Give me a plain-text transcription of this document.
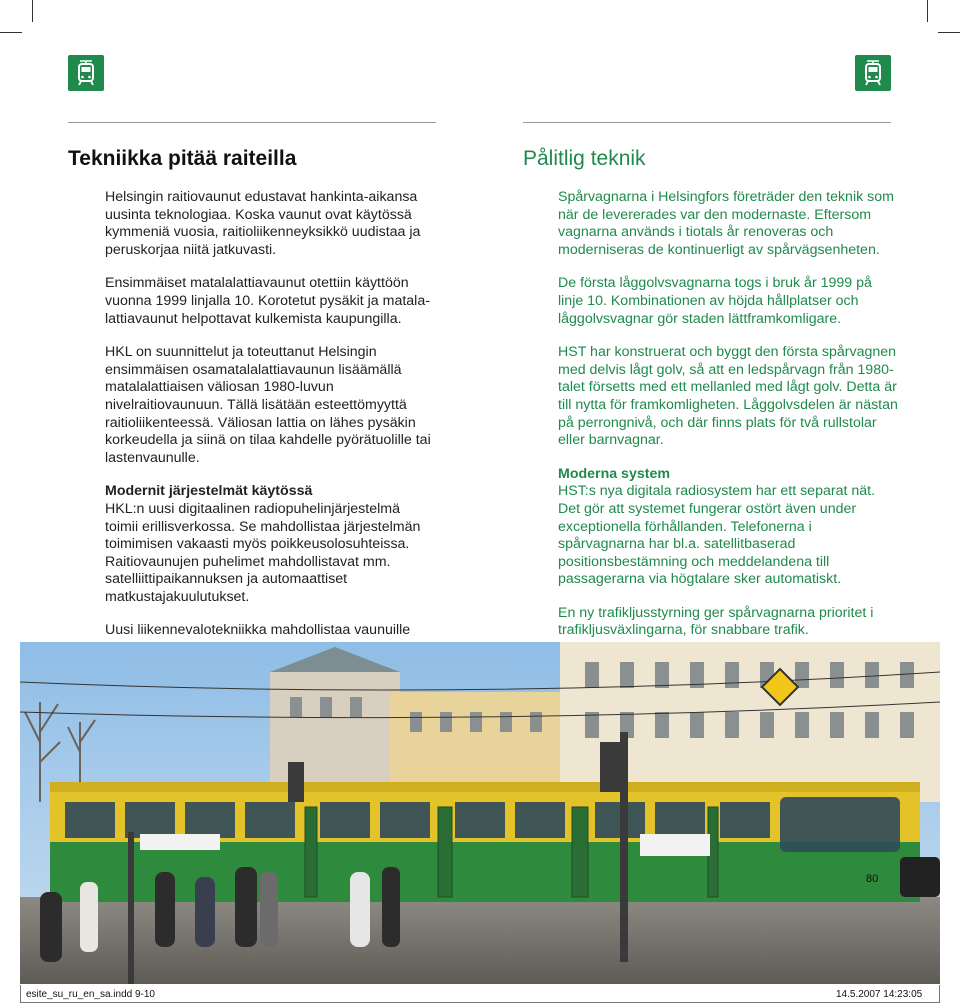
Tekniikka pitää raiteilla

Helsingin raitiovaunut edustavat hankinta-aikansa uusinta teknologiaa. Koska vaunut ovat käytössä kymmeniä vuosia, raitioliikenneyksikkö uudistaa ja peruskorjaa niitä jatkuvasti.

Ensimmäiset matalalattiavaunut otettiin käyttöön vuonna 1999 linjalla 10. Korotetut pysäkit ja matala-lattiavaunut helpottavat kulkemista kaupungilla.

HKL on suunnittelut ja toteuttanut Helsingin ensimmäisen osamatalalattiavaunun lisäämällä matalalattiaisen väliosan 1980-luvun nivelraitiovaunuun. Tällä lisätään esteettömyyttä raitioliikenteessä. Väliosan lattia on lähes pysäkin korkeudella ja siinä on tilaa kahdelle pyörätuolille tai lastenvaunulle.

Modernit järjestelmät käytössä

HKL:n uusi digitaalinen radiopuhelinjärjestelmä toimii erillisverkossa. Se mahdollistaa järjestelmän toimimisen vakaasti myös poikkeusolosuhteissa. Raitiovaunujen puhelimet mahdollistavat mm. satelliittipaikannuksen ja automaattiset matkustajakuulutukset.

Uusi liikennevalotekniikka mahdollistaa vaunuille

Pålitlig teknik

Spårvagnarna i Helsingfors företräder den teknik som när de levererades var den modernaste. Eftersom vagnarna används i tiotals år renoveras och moderniseras de kontinuerligt av spårvägsenheten.

De första låggolvsvagnarna togs i bruk år 1999 på linje 10. Kombinationen av höjda hållplatser och låggolvsvagnar gör staden lättframkomligare.

HST har konstruerat och byggt den första spårvagnen med delvis lågt golv, så att en ledspårvagn från 1980-talet försetts med ett mellanled med lågt golv. Detta är till nytta för framkomligheten. Låggolvsdelen är nästan på perrongnivå, och där finns plats för två rullstolar eller barnvagnar.

Moderna system

HST:s nya digitala radiosystem har ett separat nät. Det gör att systemet fungerar ostört även under exceptionella förhållanden. Telefonerna i spårvagnarna har bl.a. satellitbaserad positionsbestämning och meddelandena till passagerarna via högtalare sker automatiskt.

En ny trafikljusstyrning ger spårvagnarna prioritet i trafikljusväxlingarna, för snabbare trafik.

80
esite_su_ru_en_sa.indd 9-10	14.5.2007 14:23:05
